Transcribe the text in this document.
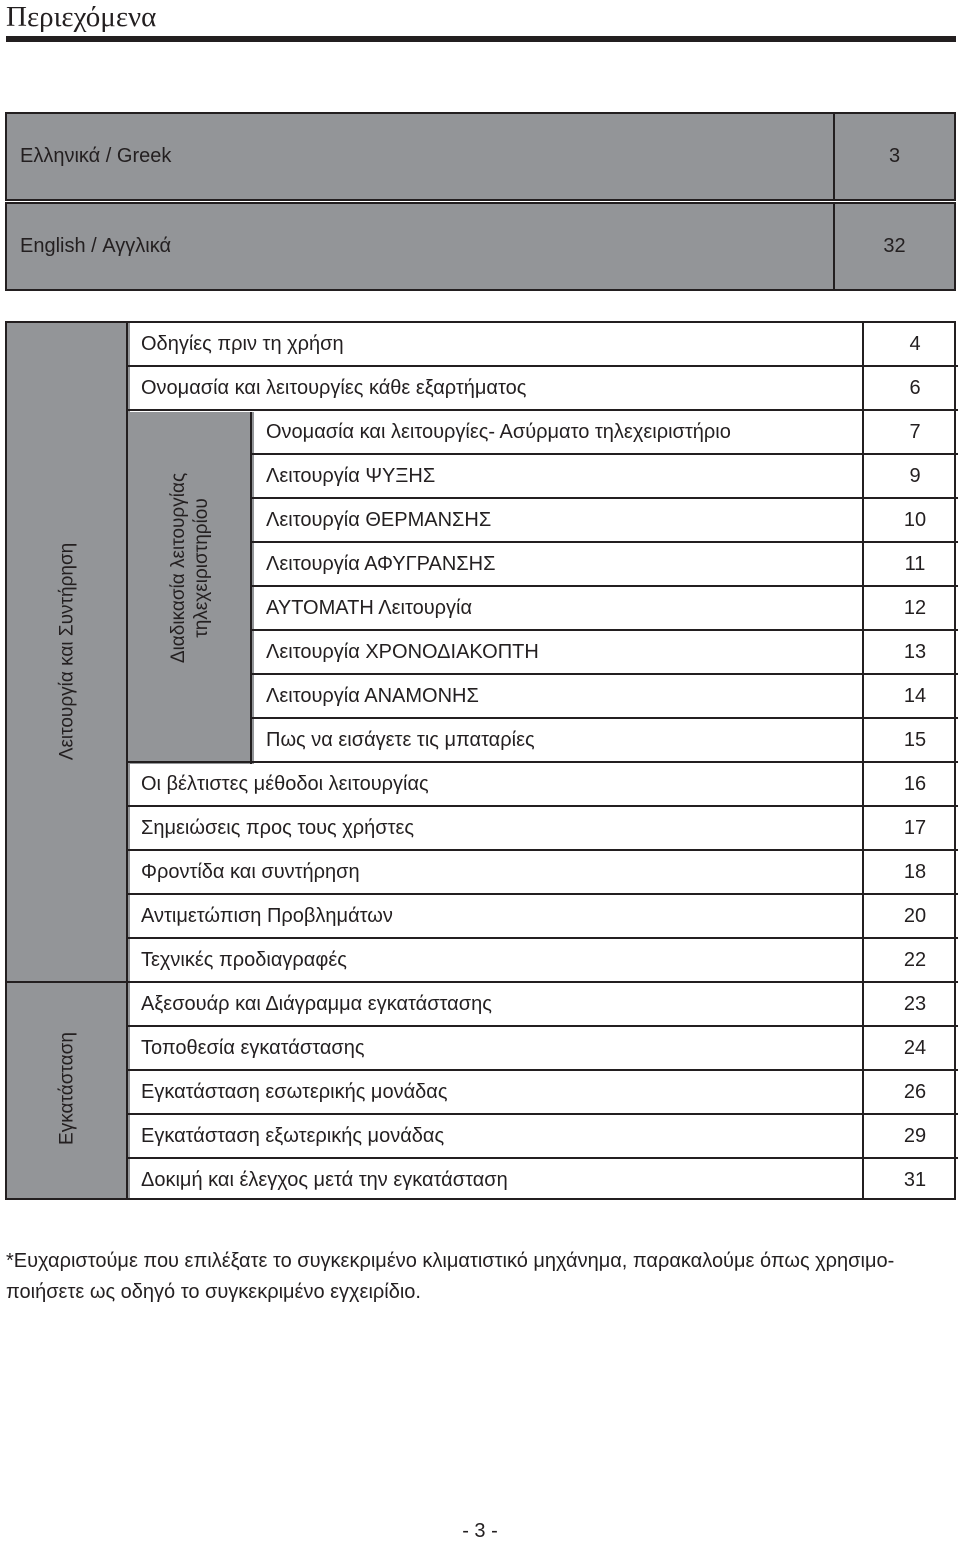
Περιεχόμενα
Ελληνικά / Greek	3
English / Αγγλικά	32
Λειτουργία και Συντήρηση
Εγκατάσταση
Διαδικασία λειτουργίας τηλεχειριστηρίου
Οδηγίες πριν τη χρήση	4
Ονομασία και λειτουργίες κάθε εξαρτήματος	6
Ονομασία και λειτουργίες- Ασύρματο τηλεχειριστήριο	7
Λειτουργία ΨΥΞΗΣ	9
Λειτουργία ΘΕΡΜΑΝΣΗΣ	10
Λειτουργία ΑΦΥΓΡΑΝΣΗΣ	11
ΑΥΤΟΜΑΤΗ Λειτουργία	12
Λειτουργία ΧΡΟΝΟΔΙΑΚΟΠΤΗ	13
Λειτουργία ΑΝΑΜΟΝΗΣ	14
Πως να εισάγετε τις μπαταρίες	15
Οι βέλτιστες μέθοδοι λειτουργίας	16
Σημειώσεις προς τους χρήστες	17
Φροντίδα και συντήρηση	18
Αντιμετώπιση Προβλημάτων	20
Τεχνικές προδιαγραφές	22
Αξεσουάρ και Διάγραμμα εγκατάστασης	23
Τοποθεσία εγκατάστασης	24
Εγκατάσταση εσωτερικής μονάδας	26
Εγκατάσταση εξωτερικής μονάδας	29
Δοκιμή και έλεγχος μετά την εγκατάσταση	31
*Ευχαριστούμε που επιλέξατε το συγκεκριμένο κλιματιστικό μηχάνημα, παρακαλούμε όπως χρησιμο-
ποιήσετε ως οδηγό το συγκεκριμένο εγχειρίδιο.
- 3 -
